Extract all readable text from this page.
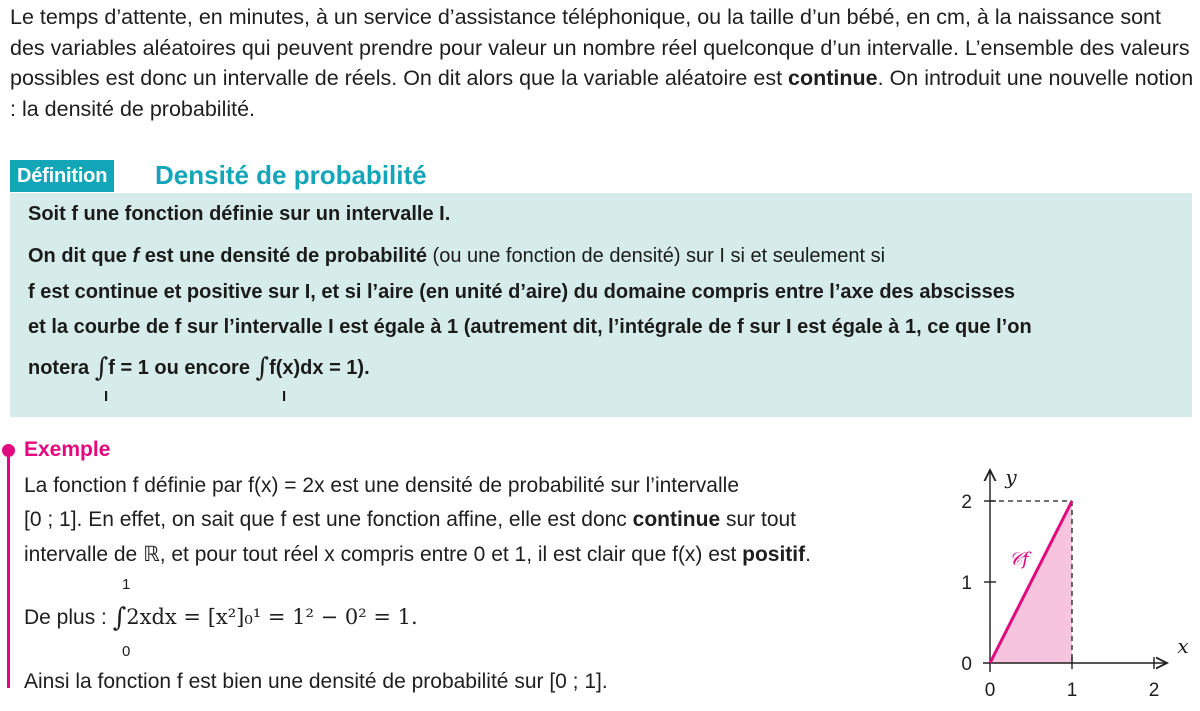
Le temps d’attente, en minutes, à un service d’assistance téléphonique, ou la taille d’un bébé, en cm, à la naissance sont des variables aléatoires qui peuvent prendre pour valeur un nombre réel quelconque d’un intervalle. L’ensemble des valeurs possibles est donc un intervalle de réels. On dit alors que la variable aléatoire est continue. On introduit une nouvelle notion : la densité de probabilité.
Définition Densité de probabilité
Soit f une fonction définie sur un intervalle I.
On dit que f est une densité de probabilité (ou une fonction de densité) sur I si et seulement si
f est continue et positive sur I, et si l’aire (en unité d’aire) du domaine compris entre l’axe des abscisses
et la courbe de f sur l’intervalle I est égale à 1 (autrement dit, l’intégrale de f sur I est égale à 1, ce que l’on
notera ∫f = 1 ou encore ∫f(x)dx = 1).
I	I
Exemple
La fonction f définie par f(x) = 2x est une densité de probabilité sur l’intervalle
[0 ; 1]. En effet, on sait que f est une fonction affine, elle est donc continue sur tout
intervalle de ℝ, et pour tout réel x compris entre 0 et 1, il est clair que f(x) est positif.
1
De plus : ∫2xdx = [x²]₀¹ = 1² − 0² = 1.
0
Ainsi la fonction f est bien une densité de probabilité sur [0 ; 1].	0	1	2
0
1
2
x
y
𝒞f
